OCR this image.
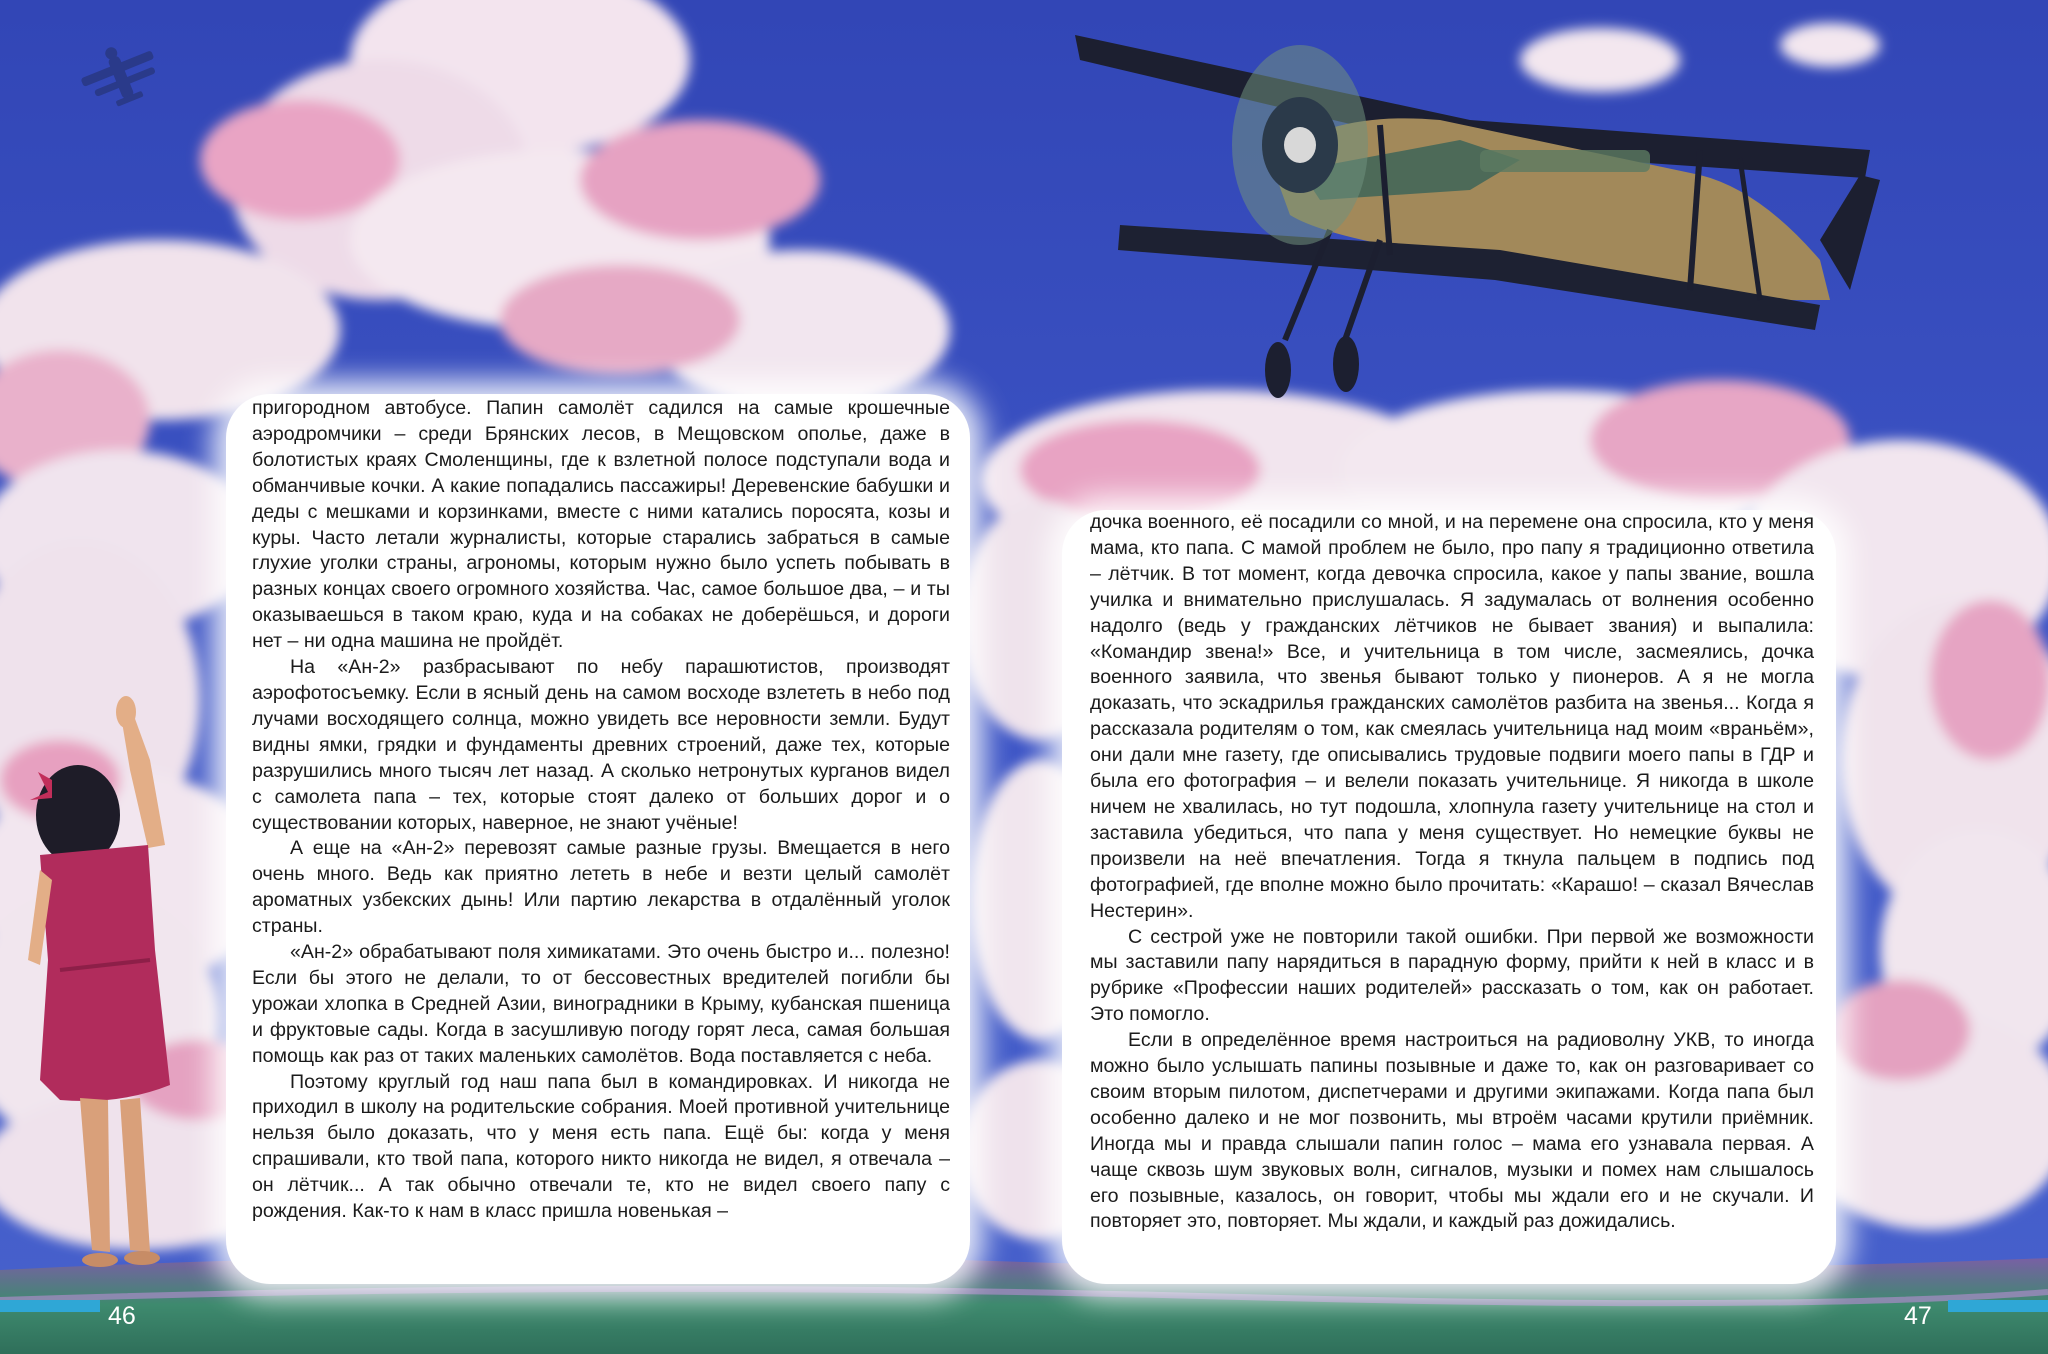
пригородном автобусе. Папин самолёт садился на самые крошечные аэродромчики – среди Брянских лесов, в Мещовском ополье, даже в болотистых краях Смоленщины, где к взлетной полосе подступали вода и обманчивые кочки. А какие попадались пассажиры! Деревенские бабушки и деды с мешками и корзинками, вместе с ними катались поросята, козы и куры. Часто летали журналисты, которые старались забраться в самые глухие уголки страны, агрономы, которым нужно было успеть побывать в разных концах своего огромного хозяйства. Час, самое большое два, – и ты оказываешься в таком краю, куда и на собаках не доберёшься, и дороги нет – ни одна машина не пройдёт.

На «Ан-2» разбрасывают по небу парашютистов, производят аэрофотосъемку. Если в ясный день на самом восходе взлететь в небо под лучами восходящего солнца, можно увидеть все неровности земли. Будут видны ямки, грядки и фундаменты древних строений, даже тех, которые разрушились много тысяч лет назад. А сколько нетронутых курганов видел с самолета папа – тех, которые стоят далеко от больших дорог и о существовании которых, наверное, не знают учёные!

А еще на «Ан-2» перевозят самые разные грузы. Вмещается в него очень много. Ведь как приятно лететь в небе и везти целый самолёт ароматных узбекских дынь! Или партию лекарства в отдалённый уголок страны.

«Ан-2» обрабатывают поля химикатами. Это очень быстро и... полезно! Если бы этого не делали, то от бессовестных вредителей погибли бы урожаи хлопка в Средней Азии, виноградники в Крыму, кубанская пшеница и фруктовые сады. Когда в засушливую погоду горят леса, самая большая помощь как раз от таких маленьких самолётов. Вода поставляется с неба.

Поэтому круглый год наш папа был в командировках. И никогда не приходил в школу на родительские собрания. Моей противной учительнице нельзя было доказать, что у меня есть папа. Ещё бы: когда у меня спрашивали, кто твой папа, которого никто никогда не видел, я отвечала – он лётчик... А так обычно отвечали те, кто не видел своего папу с рождения. Как-то к нам в класс пришла новенькая –

дочка военного, её посадили со мной, и на перемене она спросила, кто у меня мама, кто папа. С мамой проблем не было, про папу я традиционно ответила – лётчик. В тот момент, когда девочка спросила, какое у папы звание, вошла училка и внимательно прислушалась. Я задумалась от волнения особенно надолго (ведь у гражданских лётчиков не бывает звания) и выпалила: «Командир звена!» Все, и учительница в том числе, засмеялись, дочка военного заявила, что звенья бывают только у пионеров. А я не могла доказать, что эскадрилья гражданских самолётов разбита на звенья... Когда я рассказала родителям о том, как смеялась учительница над моим «враньём», они дали мне газету, где описывались трудовые подвиги моего папы в ГДР и была его фотография – и велели показать учительнице. Я никогда в школе ничем не хвалилась, но тут подошла, хлопнула газету учительнице на стол и заставила убедиться, что папа у меня существует. Но немецкие буквы не произвели на неё впечатления. Тогда я ткнула пальцем в подпись под фотографией, где вполне можно было прочитать: «Карашо! – сказал Вячеслав Нестерин».

С сестрой уже не повторили такой ошибки. При первой же возможности мы заставили папу нарядиться в парадную форму, прийти к ней в класс и в рубрике «Профессии наших родителей» рассказать о том, как он работает. Это помогло.

Если в определённое время настроиться на радиоволну УКВ, то иногда можно было услышать папины позывные и даже то, как он разговаривает со своим вторым пилотом, диспетчерами и другими экипажами. Когда папа был особенно далеко и не мог позвонить, мы втроём часами крутили приёмник. Иногда мы и правда слышали папин голос – мама его узнавала первая. А чаще сквозь шум звуковых волн, сигналов, музыки и помех нам слышалось его позывные, казалось, он говорит, чтобы мы ждали его и не скучали. И повторяет это, повторяет. Мы ждали, и каждый раз дожидались.

46	47
